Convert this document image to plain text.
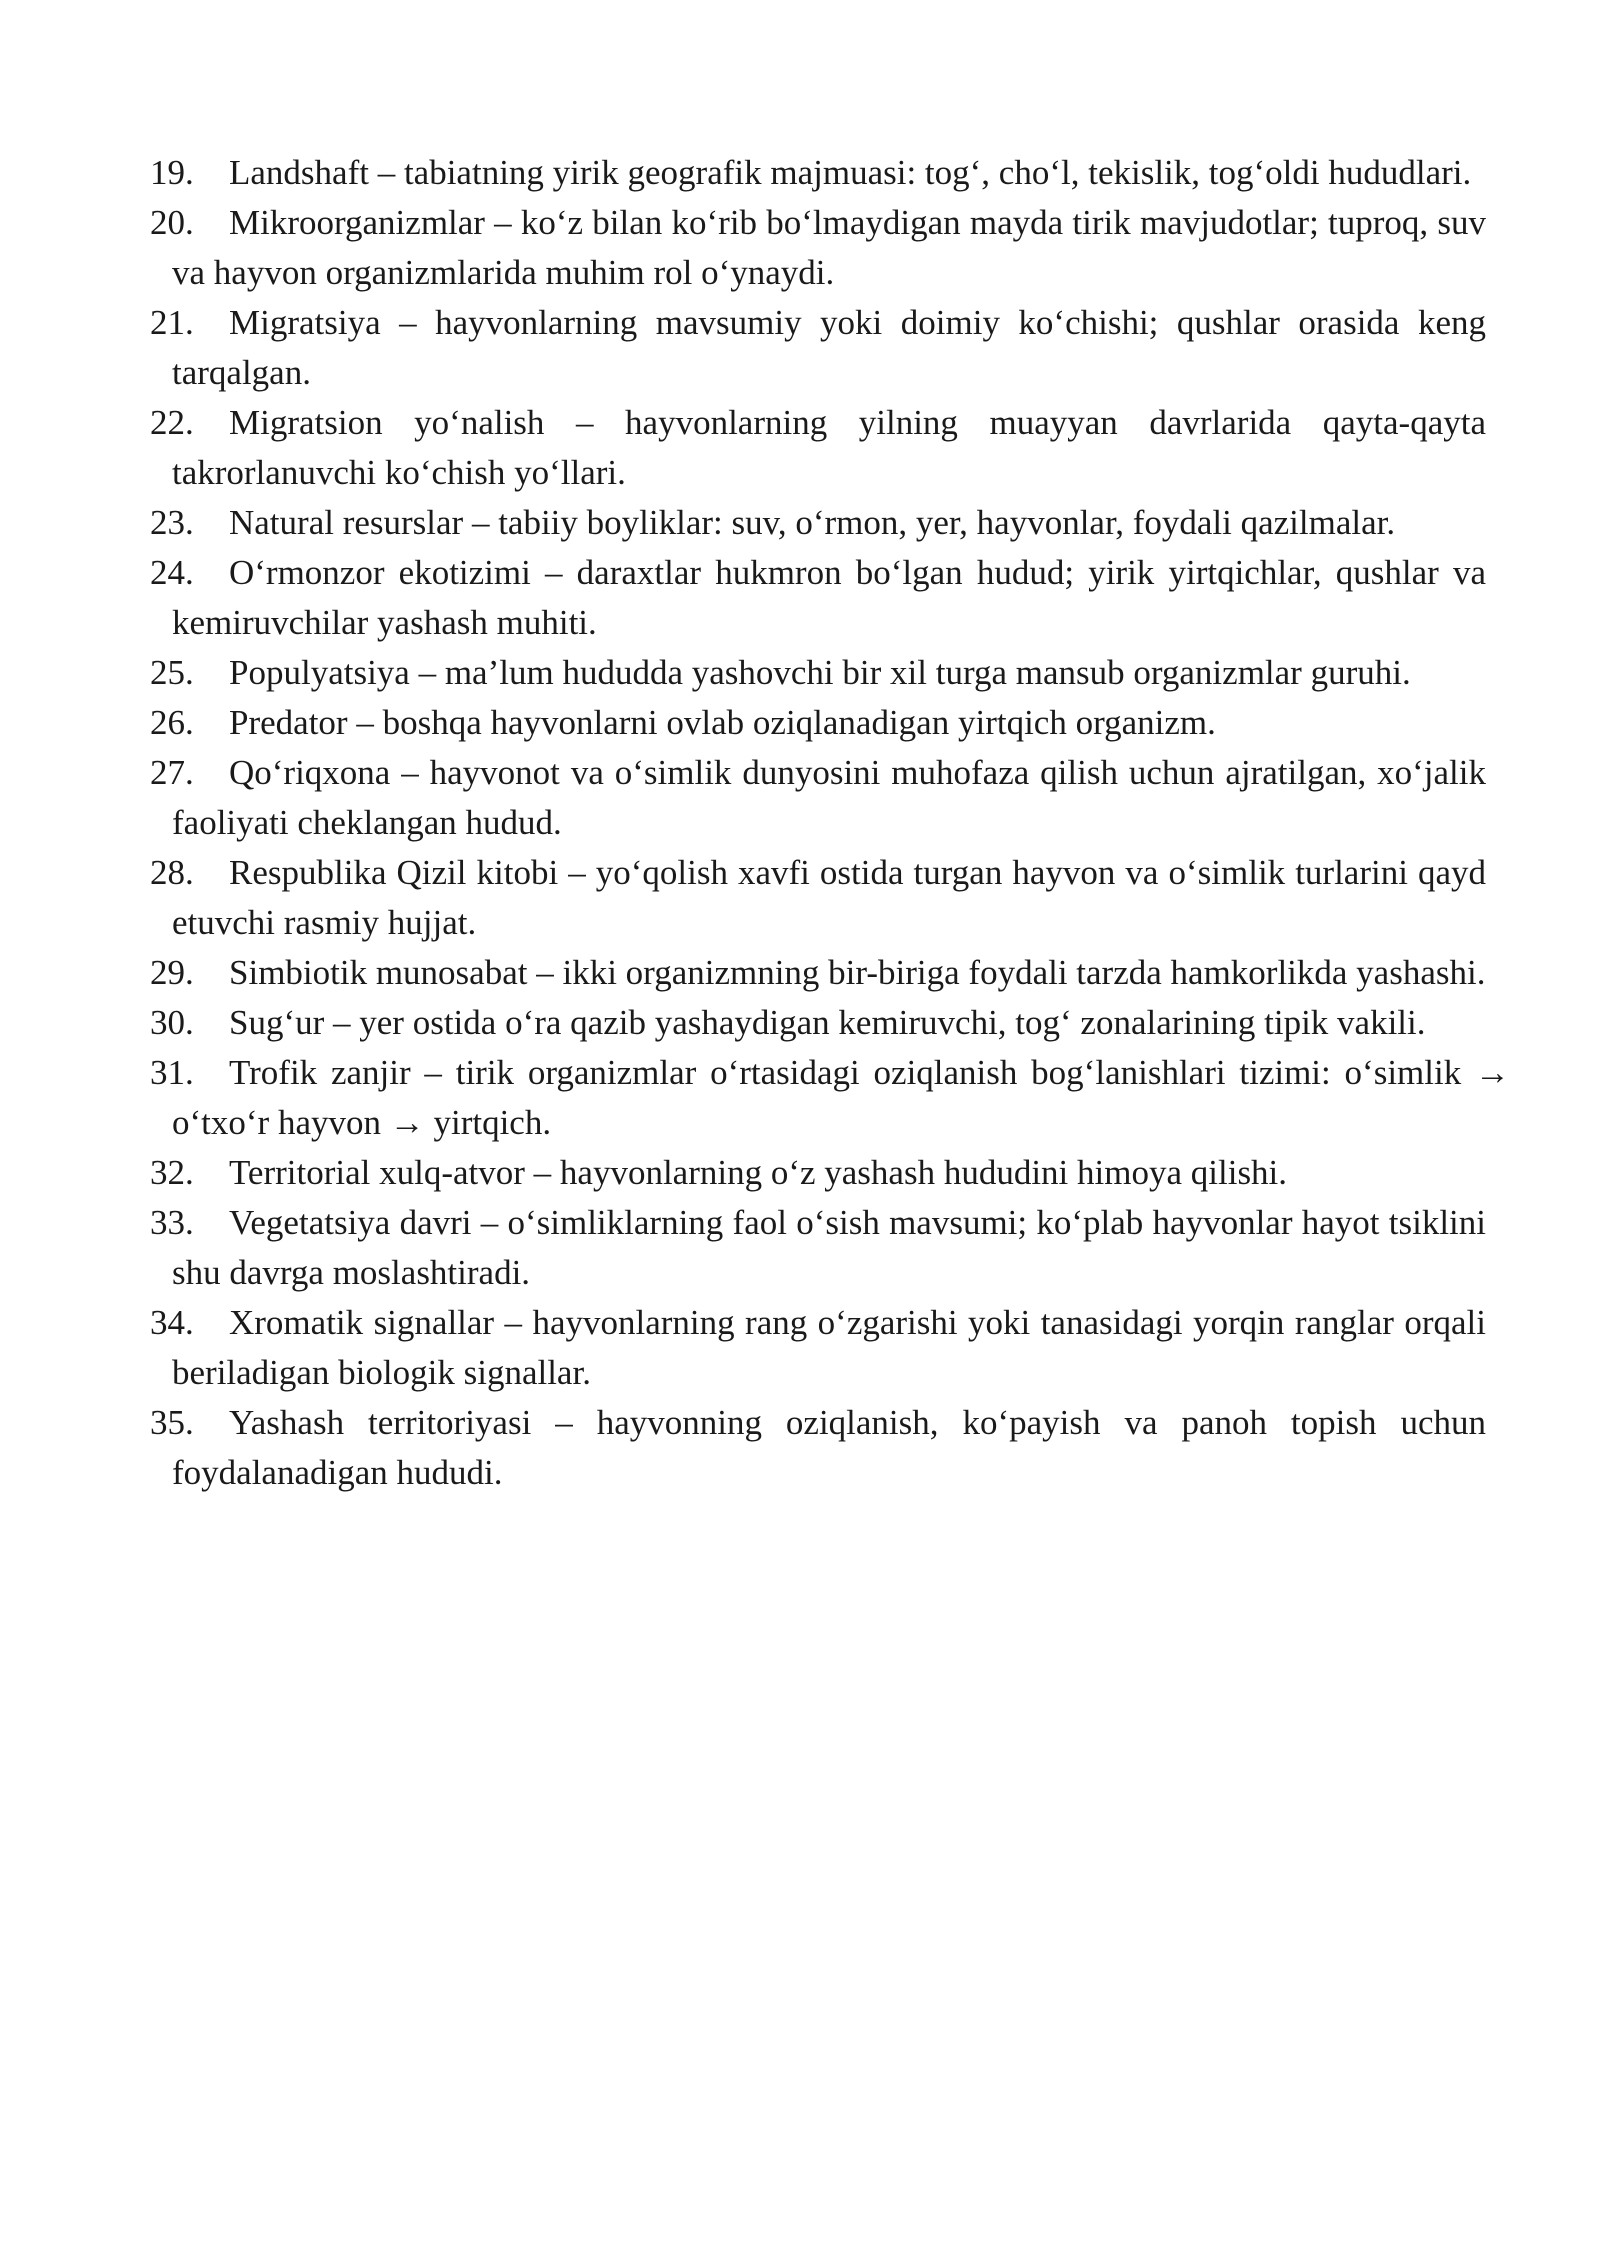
19. Landshaft – tabiatning yirik geografik majmuasi: tog‘, cho‘l, tekislik, tog‘oldi hududlari.
20. Mikroorganizmlar – ko‘z bilan ko‘rib bo‘lmaydigan mayda tirik mavjudotlar; tuproq, suv va hayvon organizmlarida muhim rol o‘ynaydi.
21. Migratsiya – hayvonlarning mavsumiy yoki doimiy ko‘chishi; qushlar orasida keng tarqalgan.
22. Migratsion yo‘nalish – hayvonlarning yilning muayyan davrlarida qayta-qayta takrorlanuvchi ko‘chish yo‘llari.
23. Natural resurslar – tabiiy boyliklar: suv, o‘rmon, yer, hayvonlar, foydali qazilmalar.
24. O‘rmonzor ekotizimi – daraxtlar hukmron bo‘lgan hudud; yirik yirtqichlar, qushlar va kemiruvchilar yashash muhiti.
25. Populyatsiya – ma’lum hududda yashovchi bir xil turga mansub organizmlar guruhi.
26. Predator – boshqa hayvonlarni ovlab oziqlanadigan yirtqich organizm.
27. Qo‘riqxona – hayvonot va o‘simlik dunyosini muhofaza qilish uchun ajratilgan, xo‘jalik faoliyati cheklangan hudud.
28. Respublika Qizil kitobi – yo‘qolish xavfi ostida turgan hayvon va o‘simlik turlarini qayd etuvchi rasmiy hujjat.
29. Simbiotik munosabat – ikki organizmning bir-biriga foydali tarzda hamkorlikda yashashi.
30. Sug‘ur – yer ostida o‘ra qazib yashaydigan kemiruvchi, tog‘ zonalarining tipik vakili.
31. Trofik zanjir – tirik organizmlar o‘rtasidagi oziqlanish bog‘lanishlari tizimi: o‘simlik → o‘txo‘r hayvon → yirtqich.
32. Territorial xulq-atvor – hayvonlarning o‘z yashash hududini himoya qilishi.
33. Vegetatsiya davri – o‘simliklarning faol o‘sish mavsumi; ko‘plab hayvonlar hayot tsiklini shu davrga moslashtiradi.
34. Xromatik signallar – hayvonlarning rang o‘zgarishi yoki tanasidagi yorqin ranglar orqali beriladigan biologik signallar.
35. Yashash territoriyasi – hayvonning oziqlanish, ko‘payish va panoh topish uchun foydalanadigan hududi.
